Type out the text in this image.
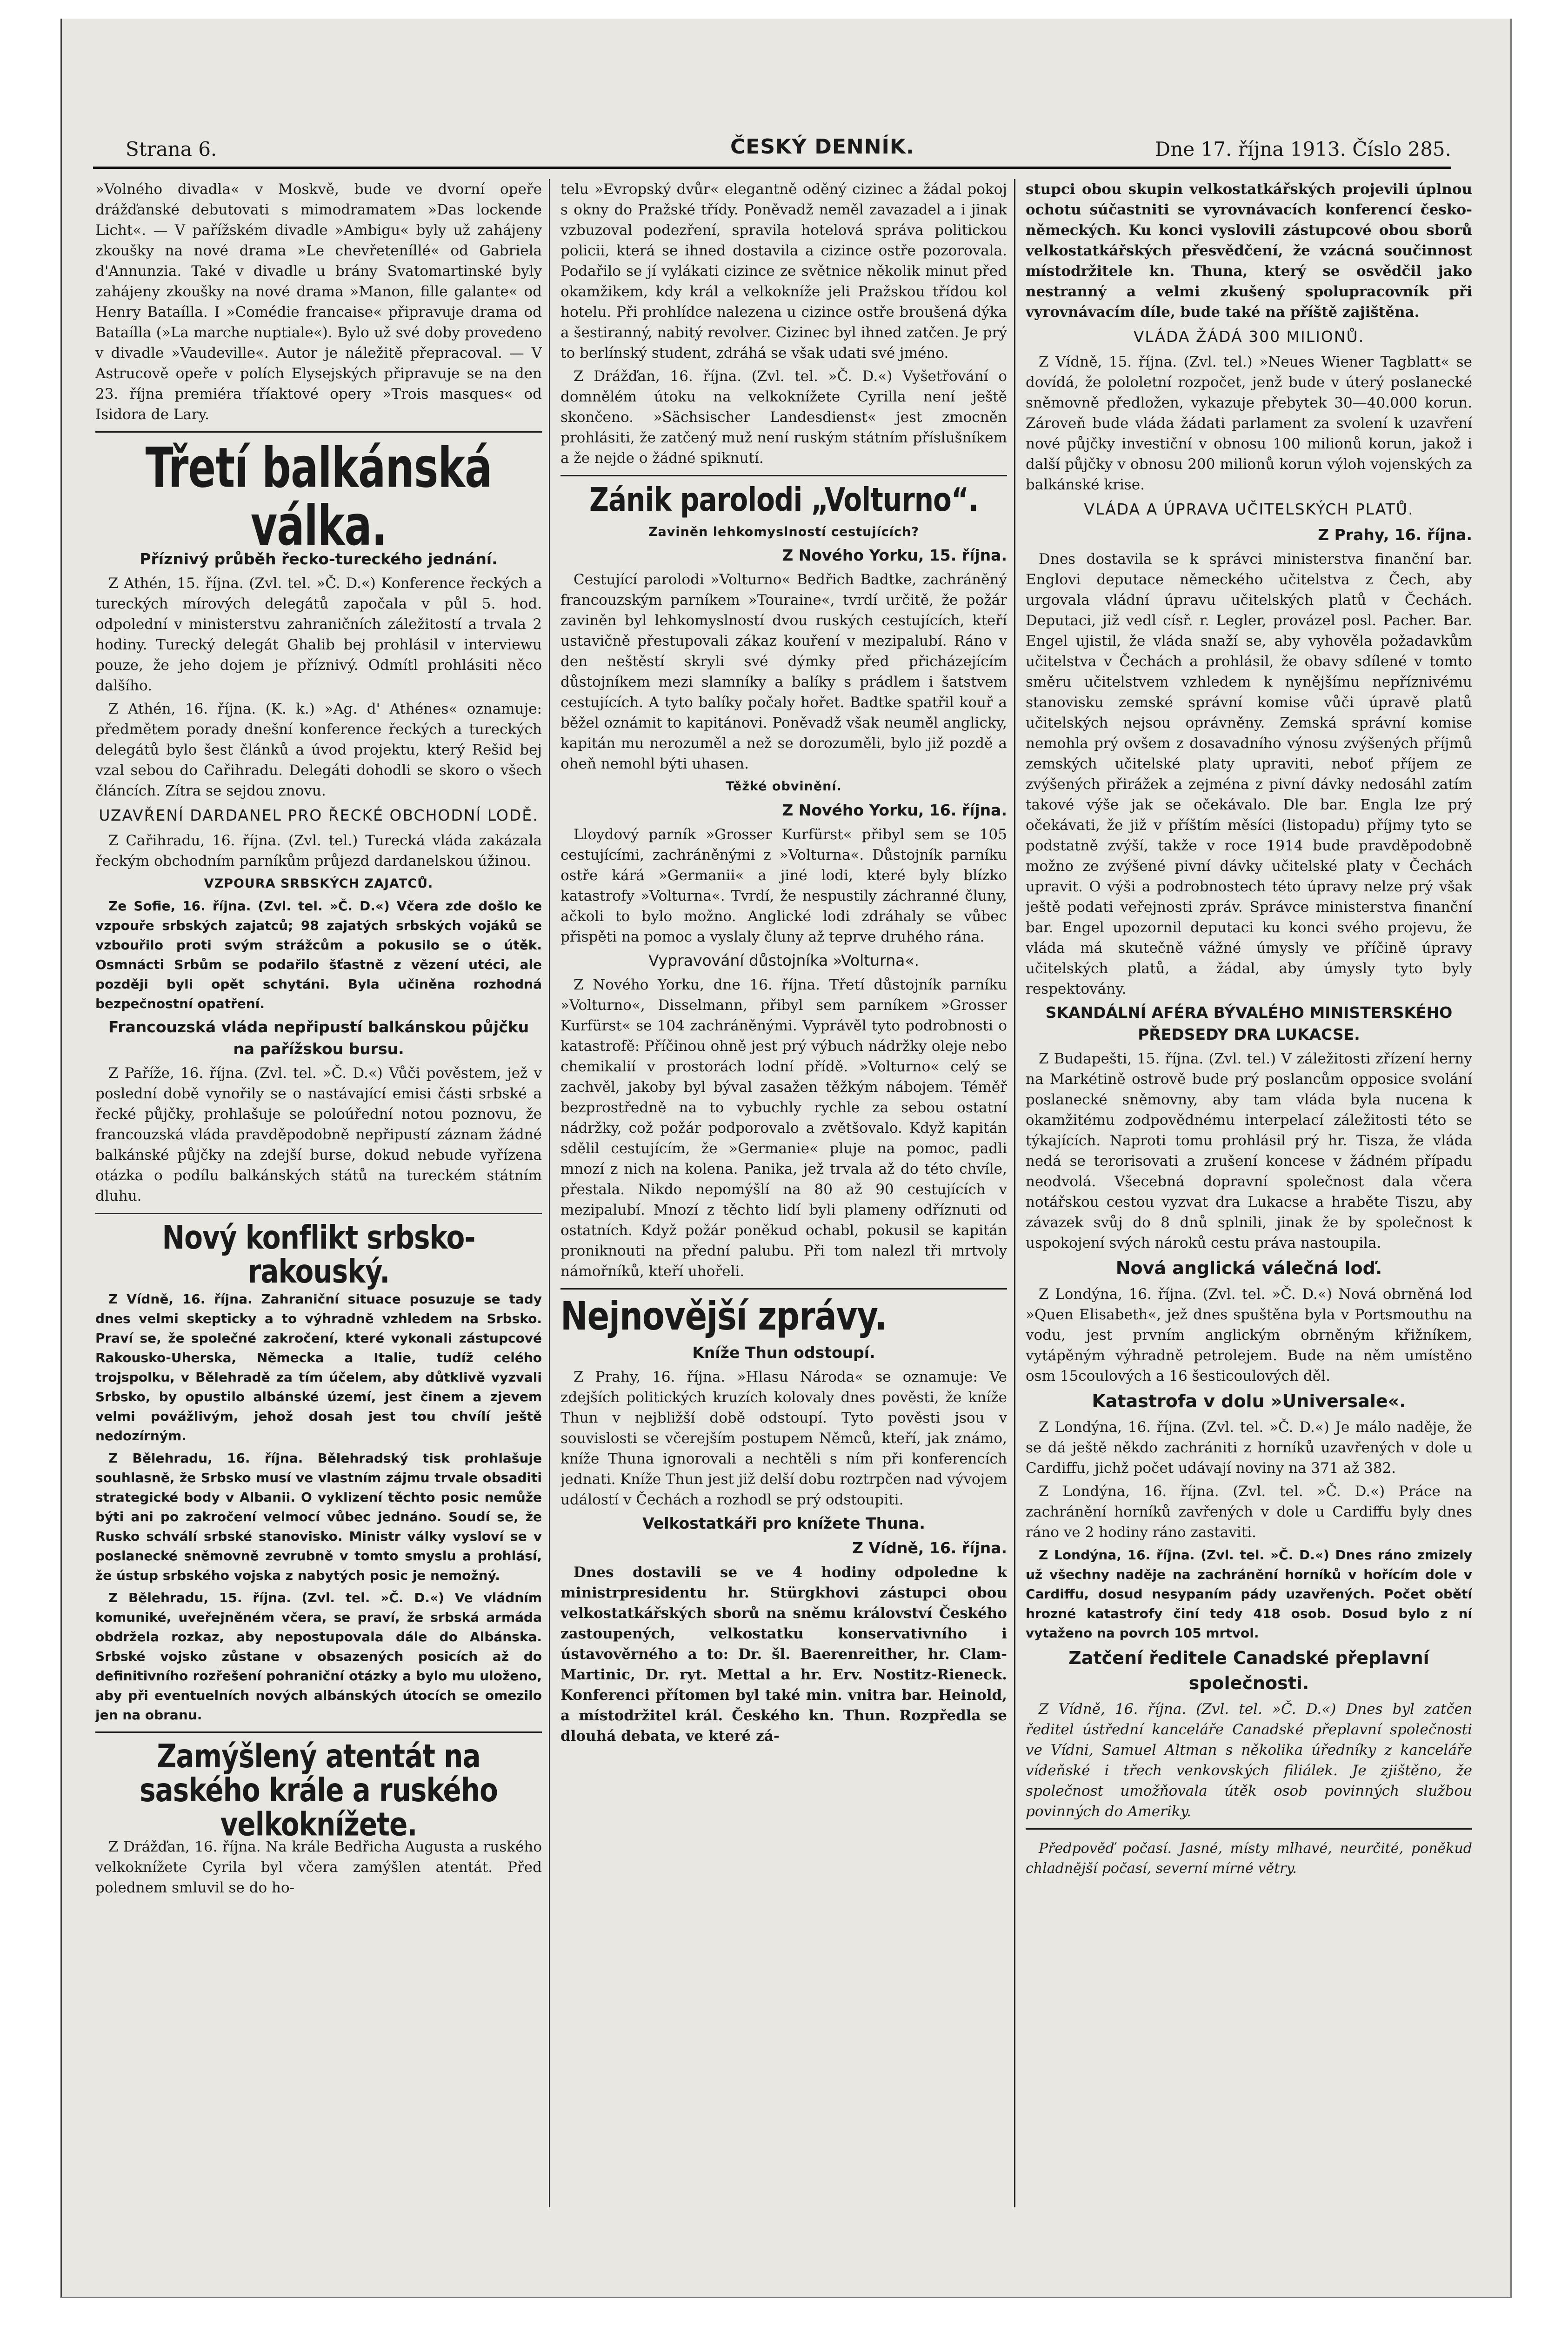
Strana 6.	ČESKÝ DENNÍK.	Dne 17. října 1913. Číslo 285.

»Volného divadla« v Moskvě, bude ve dvorní opeře drážďanské debutovati s mimodramatem »Das lockende Licht«. — V pařížském divadle »Ambigu« byly už zahájeny zkoušky na nové drama »Le chevřeteníllé« od Gabriela d'Annunzia. Také v divadle u brány Svatomartinské byly zahájeny zkoušky na nové drama »Manon, fille galante« od Henry Bataílla. I »Comédie francaise« připravuje drama od Bataílla (»La marche nuptiale«). Bylo už své doby provedeno v divadle »Vaudeville«. Autor je náležitě přepracoval. — V Astrucově opeře v polích Elysejských připravuje se na den 23. října premiéra tříaktové opery »Trois masques« od Isidora de Lary.

Třetí balkánská válka.
Příznivý průběh řecko-tureckého jednání.

Z Athén, 15. října. (Zvl. tel. »Č. D.«) Konference řeckých a tureckých mírových delegátů započala v půl 5. hod. odpolední v ministerstvu zahraničních záležitostí a trvala 2 hodiny. Turecký delegát Ghalib bej prohlásil v interviewu pouze, že jeho dojem je příznivý. Odmítl prohlásiti něco dalšího.

Z Athén, 16. října. (K. k.) »Ag. d' Athénes« oznamuje: předmětem porady dnešní konference řeckých a tureckých delegátů bylo šest článků a úvod projektu, který Rešid bej vzal sebou do Cařihradu. Delegáti dohodli se skoro o všech článcích. Zítra se sejdou znovu.

UZAVŘENÍ DARDANEL PRO ŘECKÉ OBCHODNÍ LODĚ.

Z Cařihradu, 16. října. (Zvl. tel.) Turecká vláda zakázala řeckým obchodním parníkům průjezd dardanelskou úžinou.

VZPOURA SRBSKÝCH ZAJATCŮ.

Ze Sofie, 16. října. (Zvl. tel. »Č. D.«) Včera zde došlo ke vzpouře srbských zajatců; 98 zajatých srbských vojáků se vzbouřilo proti svým strážcům a pokusilo se o útěk. Osmnácti Srbům se podařilo šťastně z vězení utéci, ale později byli opět schytáni. Byla učiněna rozhodná bezpečnostní opatření.

Francouzská vláda nepřipustí balkánskou půjčku na pařížskou bursu.

Z Paříže, 16. října. (Zvl. tel. »Č. D.«) Vůči pověstem, jež v poslední době vynořily se o nastávající emisi části srbské a řecké půjčky, prohlašuje se poloúřední notou poznovu, že francouzská vláda pravděpodobně nepřipustí záznam žádné balkánské půjčky na zdejší burse, dokud nebude vyřízena otázka o podílu balkánských států na tureckém státním dluhu.

Nový konflikt srbsko-rakouský.

Z Vídně, 16. října. Zahraniční situace posuzuje se tady dnes velmi skepticky a to výhradně vzhledem na Srbsko. Praví se, že společné zakročení, které vykonali zástupcové Rakousko-Uherska, Německa a Italie, tudíž celého trojspolku, v Bělehradě za tím účelem, aby důtklivě vyzvali Srbsko, by opustilo albánské území, jest činem a zjevem velmi povážlivým, jehož dosah jest tou chvílí ještě nedozírným.

Z Bělehradu, 16. října. Bělehradský tisk prohlašuje souhlasně, že Srbsko musí ve vlastním zájmu trvale obsaditi strategické body v Albanii. O vyklizení těchto posic nemůže býti ani po zakročení velmocí vůbec jednáno. Soudí se, že Rusko schválí srbské stanovisko. Ministr války vysloví se v poslanecké sněmovně zevrubně v tomto smyslu a prohlásí, že ústup srbského vojska z nabytých posic je nemožný.

Z Bělehradu, 15. října. (Zvl. tel. »Č. D.«) Ve vládním komuniké, uveřejněném včera, se praví, že srbská armáda obdržela rozkaz, aby nepostupovala dále do Albánska. Srbské vojsko zůstane v obsazených posicích až do definitivního rozřešení pohraniční otázky a bylo mu uloženo, aby při eventuelních nových albánských útocích se omezilo jen na obranu.

Zamýšlený atentát na saského krále a ruského velkoknížete.

Z Drážďan, 16. října. Na krále Bedřicha Augusta a ruského velkoknížete Cyrila byl včera zamýšlen atentát. Před polednem smluvil se do ho-

telu »Evropský dvůr« elegantně oděný cizinec a žádal pokoj s okny do Pražské třídy. Poněvadž neměl zavazadel a i jinak vzbuzoval podezření, spravila hotelová správa politickou policii, která se ihned dostavila a cizince ostře pozorovala. Podařilo se jí vylákati cizince ze světnice několik minut před okamžikem, kdy král a velkokníže jeli Pražskou třídou kol hotelu. Při prohlídce nalezena u cizince ostře broušená dýka a šestiranný, nabitý revolver. Cizinec byl ihned zatčen. Je prý to berlínský student, zdráhá se však udati své jméno.

Z Drážďan, 16. října. (Zvl. tel. »Č. D.«) Vyšetřování o domnělém útoku na velkoknížete Cyrilla není ještě skončeno. »Sächsischer Landesdienst« jest zmocněn prohlásiti, že zatčený muž není ruským státním příslušníkem a že nejde o žádné spiknutí.

Zánik parolodi „Volturno“.
Zaviněn lehkomyslností cestujících?
Z Nového Yorku, 15. října.

Cestující parolodi »Volturno« Bedřich Badtke, zachráněný francouzským parníkem »Touraine«, tvrdí určitě, že požár zaviněn byl lehkomyslností dvou ruských cestujících, kteří ustavičně přestupovali zákaz kouření v mezipalubí. Ráno v den neštěstí skryli své dýmky před přicházejícím důstojníkem mezi slamníky a balíky s prádlem i šatstvem cestujících. A tyto balíky počaly hořet. Badtke spatřil kouř a běžel oznámit to kapitánovi. Poněvadž však neuměl anglicky, kapitán mu nerozuměl a než se dorozuměli, bylo již pozdě a oheň nemohl býti uhasen.

Těžké obvinění.
Z Nového Yorku, 16. října.

Lloydový parník »Grosser Kurfürst« přibyl sem se 105 cestujícími, zachráněnými z »Volturna«. Důstojník parníku ostře kárá »Germanii« a jiné lodi, které byly blízko katastrofy »Volturna«. Tvrdí, že nespustily záchranné čluny, ačkoli to bylo možno. Anglické lodi zdráhaly se vůbec přispěti na pomoc a vyslaly čluny až teprve druhého rána.

Vypravování důstojníka »Volturna«.

Z Nového Yorku, dne 16. října. Třetí důstojník parníku »Volturno«, Disselmann, přibyl sem parníkem »Grosser Kurfürst« se 104 zachráněnými. Vyprávěl tyto podrobnosti o katastrofě: Příčinou ohně jest prý výbuch nádržky oleje nebo chemikalií v prostorách lodní přídě. »Volturno« celý se zachvěl, jakoby byl býval zasažen těžkým nábojem. Téměř bezprostředně na to vybuchly rychle za sebou ostatní nádržky, což požár podporovalo a zvětšovalo. Když kapitán sdělil cestujícím, že »Germanie« pluje na pomoc, padli mnozí z nich na kolena. Panika, jež trvala až do této chvíle, přestala. Nikdo nepomýšlí na 80 až 90 cestujících v mezipalubí. Mnozí z těchto lidí byli plameny odříznuti od ostatních. Když požár poněkud ochabl, pokusil se kapitán proniknouti na přední palubu. Při tom nalezl tři mrtvoly námořníků, kteří uhořeli.

Nejnovější zprávy.
Kníže Thun odstoupí.

Z Prahy, 16. října. »Hlasu Národa« se oznamuje: Ve zdejších politických kruzích kolovaly dnes pověsti, že kníže Thun v nejbližší době odstoupí. Tyto pověsti jsou v souvislosti se včerejším postupem Němců, kteří, jak známo, kníže Thuna ignorovali a nechtěli s ním při konferencích jednati. Kníže Thun jest již delší dobu roztrpčen nad vývojem událostí v Čechách a rozhodl se prý odstoupiti.

Velkostatkáři pro knížete Thuna.
Z Vídně, 16. října.

Dnes dostavili se ve 4 hodiny odpoledne k ministrpresidentu hr. Stürgkhovi zástupci obou velkostatkářských sborů na sněmu království Českého zastoupených, velkostatku konservativního i ústavověrného a to: Dr. šl. Baerenreither, hr. Clam-Martinic, Dr. ryt. Mettal a hr. Erv. Nostitz-Rieneck. Konferenci přítomen byl také min. vnitra bar. Heinold, a místodržitel král. Českého kn. Thun. Rozpředla se dlouhá debata, ve které zá-

stupci obou skupin velkostatkářských projevili úplnou ochotu súčastniti se vyrovnávacích konferencí česko-německých. Ku konci vyslovili zástupcové obou sborů velkostatkářských přesvědčení, že vzácná součinnost místodržitele kn. Thuna, který se osvědčil jako nestranný a velmi zkušený spolupracovník při vyrovnávacím díle, bude také na příště zajištěna.

VLÁDA ŽÁDÁ 300 MILIONŮ.

Z Vídně, 15. října. (Zvl. tel.) »Neues Wiener Tagblatt« se dovídá, že pololetní rozpočet, jenž bude v úterý poslanecké sněmovně předložen, vykazuje přebytek 30—40.000 korun. Zároveň bude vláda žádati parlament za svolení k uzavření nové půjčky investiční v obnosu 100 milionů korun, jakož i další půjčky v obnosu 200 milionů korun výloh vojenských za balkánské krise.

VLÁDA A ÚPRAVA UČITELSKÝCH PLATŮ.
Z Prahy, 16. října.

Dnes dostavila se k správci ministerstva finanční bar. Englovi deputace německého učitelstva z Čech, aby urgovala vládní úpravu učitelských platů v Čechách. Deputaci, již vedl císř. r. Legler, provázel posl. Pacher. Bar. Engel ujistil, že vláda snaží se, aby vyhověla požadavkům učitelstva v Čechách a prohlásil, že obavy sdílené v tomto směru učitelstvem vzhledem k nynějšímu nepříznivému stanovisku zemské správní komise vůči úpravě platů učitelských nejsou oprávněny. Zemská správní komise nemohla prý ovšem z dosavadního výnosu zvýšených příjmů zemských učitelské platy upraviti, neboť příjem ze zvýšených přirážek a zejména z pivní dávky nedosáhl zatím takové výše jak se očekávalo. Dle bar. Engla lze prý očekávati, že již v příštím měsíci (listopadu) příjmy tyto se podstatně zvýší, takže v roce 1914 bude pravděpodobně možno ze zvýšené pivní dávky učitelské platy v Čechách upravit. O výši a podrobnostech této úpravy nelze prý však ještě podati veřejnosti zpráv. Správce ministerstva finanční bar. Engel upozornil deputaci ku konci svého projevu, že vláda má skutečně vážné úmysly ve příčině úpravy učitelských platů, a žádal, aby úmysly tyto byly respektovány.

SKANDÁLNÍ AFÉRA BÝVALÉHO MINISTERSKÉHO PŘEDSEDY DRA LUKACSE.

Z Budapešti, 15. října. (Zvl. tel.) V záležitosti zřízení herny na Markétině ostrově bude prý poslancům opposice svolání poslanecké sněmovny, aby tam vláda byla nucena k okamžitému zodpovědnému interpelací záležitosti této se týkajících. Naproti tomu prohlásil prý hr. Tisza, že vláda nedá se terorisovati a zrušení koncese v žádném případu neodvolá. Všecebná dopravní společnost dala včera notářskou cestou vyzvat dra Lukacse a hraběte Tiszu, aby závazek svůj do 8 dnů splnili, jinak že by společnost k uspokojení svých nároků cestu práva nastoupila.

Nová anglická válečná loď.

Z Londýna, 16. října. (Zvl. tel. »Č. D.«) Nová obrněná loď »Quen Elisabeth«, jež dnes spuštěna byla v Portsmouthu na vodu, jest prvním anglickým obrněným křižníkem, vytápěným výhradně petrolejem. Bude na něm umístěno osm 15coulových a 16 šesticoulových děl.

Katastrofa v dolu »Universale«.

Z Londýna, 16. října. (Zvl. tel. »Č. D.«) Je málo naděje, že se dá ještě někdo zachrániti z horníků uzavřených v dole u Cardiffu, jichž počet udávají noviny na 371 až 382.

Z Londýna, 16. října. (Zvl. tel. »Č. D.«) Práce na zachránění horníků zavřených v dole u Cardiffu byly dnes ráno ve 2 hodiny ráno zastaviti.

Z Londýna, 16. října. (Zvl. tel. »Č. D.«) Dnes ráno zmizely už všechny naděje na zachránění horníků v hořícím dole v Cardiffu, dosud nesypaním pády uzavřených. Počet obětí hrozné katastrofy činí tedy 418 osob. Dosud bylo z ní vytaženo na povrch 105 mrtvol.

Zatčení ředitele Canadské přeplavní společnosti.

Z Vídně, 16. října. (Zvl. tel. »Č. D.«) Dnes byl zatčen ředitel ústřední kanceláře Canadské přeplavní společnosti ve Vídni, Samuel Altman s několika úředníky z kanceláře vídeňské i třech venkovských filiálek. Je zjištěno, že společnost umožňovala útěk osob povinných službou povinných do Ameriky.

Předpověď počasí. Jasné, místy mlhavé, neurčité, poněkud chladnější počasí, severní mírné větry.
